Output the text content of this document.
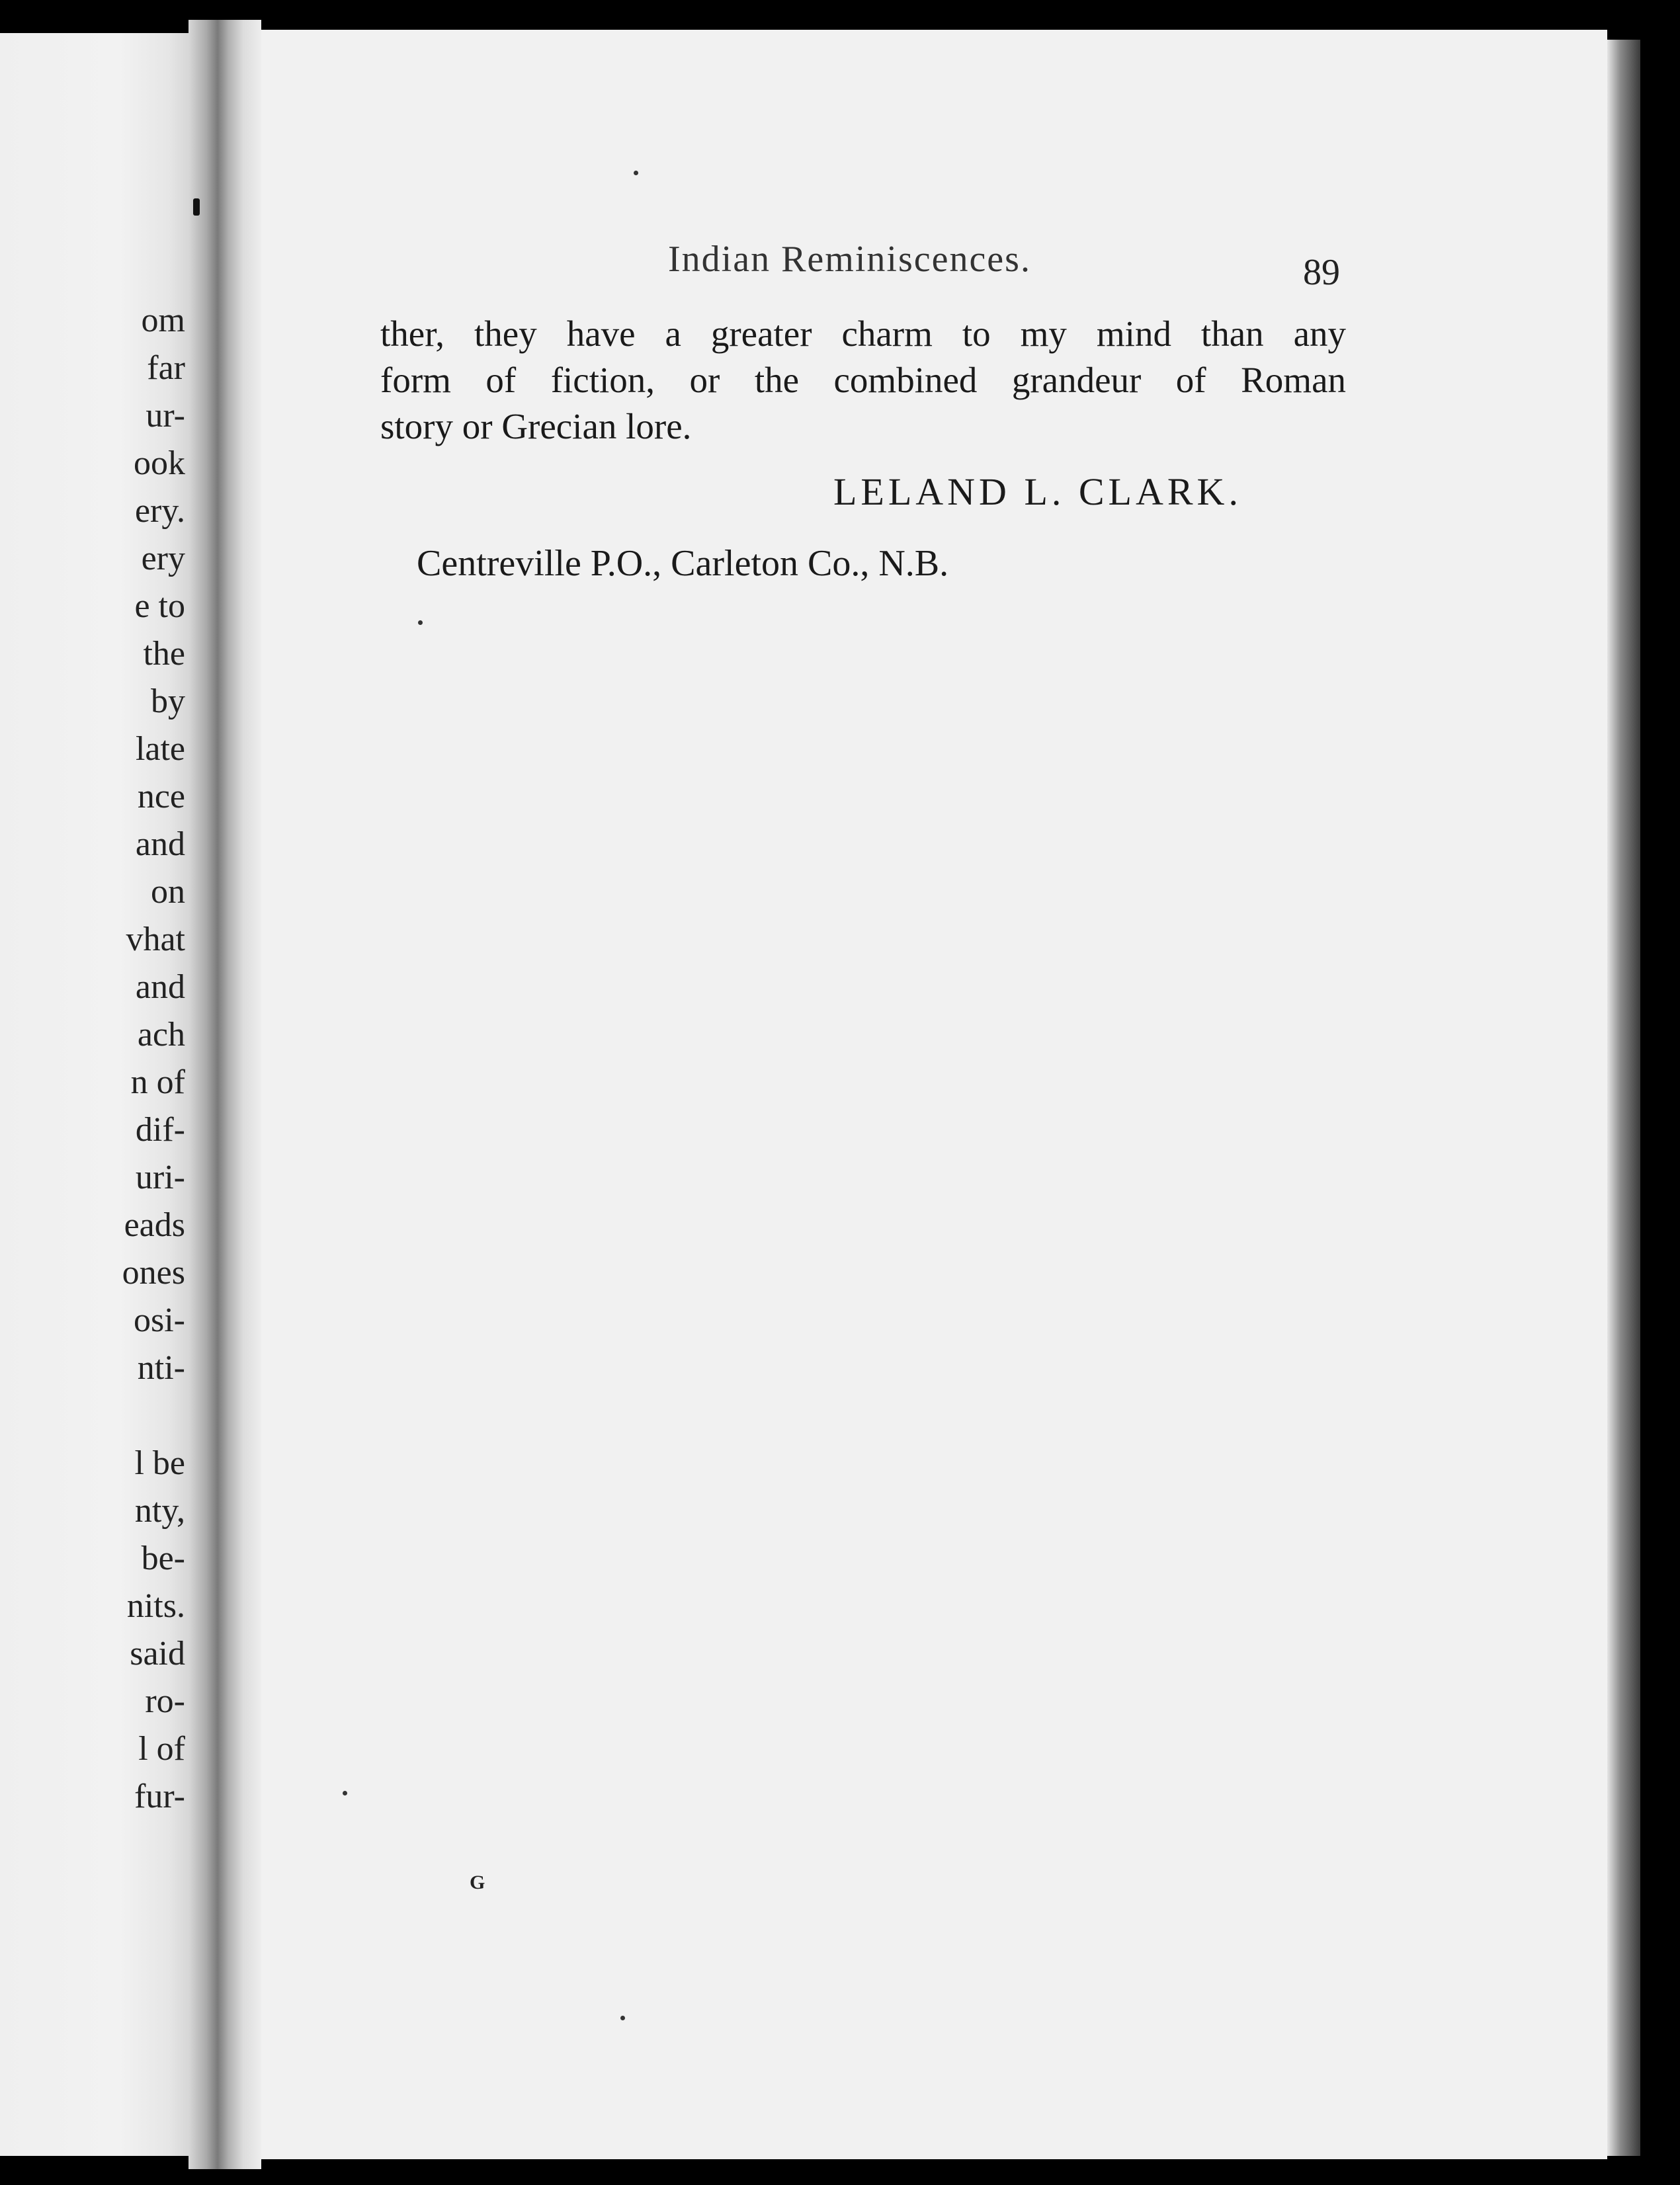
om
far
ur-
ook
ery.
ery
e to
the
by
late
nce
and
on
vhat
and
ach
n of
dif-
uri-
eads
ones
osi-
nti-
l be
nty,
be-
nits.
said
ro-
l of
fur-
Indian Reminiscences.	89
ther, they have a greater charm to my mind than any
form of fiction, or the combined grandeur of Roman
story or Grecian lore.
LELAND L. CLARK.
Centreville P.O., Carleton Co., N.B.
G
